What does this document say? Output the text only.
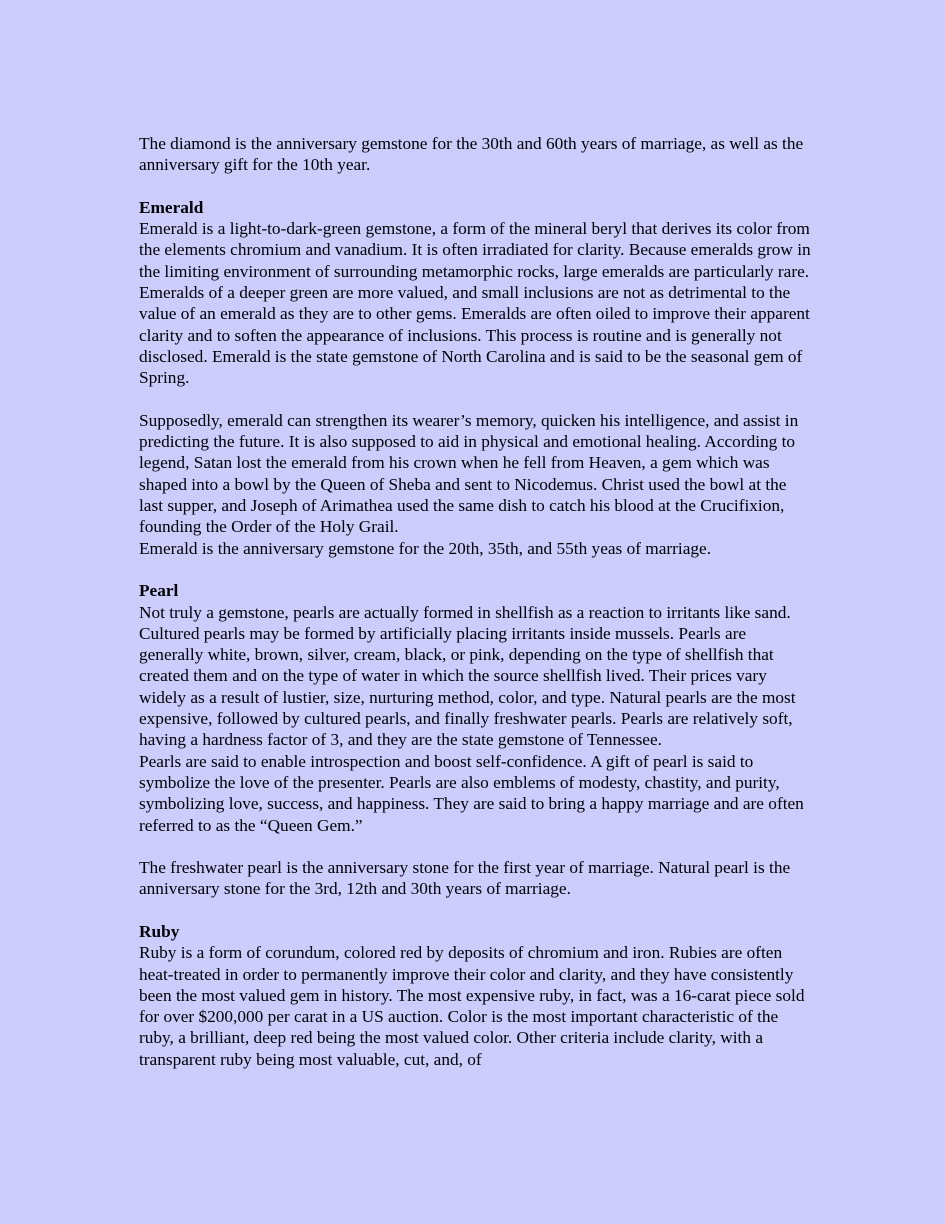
The diamond is the anniversary gemstone for the 30th and 60th years of marriage, as well as the anniversary gift for the 10th year.

Emerald

Emerald is a light-to-dark-green gemstone, a form of the mineral beryl that derives its color from the elements chromium and vanadium. It is often irradiated for clarity. Because emeralds grow in the limiting environment of surrounding metamorphic rocks, large emeralds are particularly rare. Emeralds of a deeper green are more valued, and small inclusions are not as detrimental to the value of an emerald as they are to other gems. Emeralds are often oiled to improve their apparent clarity and to soften the appearance of inclusions. This process is routine and is generally not disclosed. Emerald is the state gemstone of North Carolina and is said to be the seasonal gem of Spring.

Supposedly, emerald can strengthen its wearer’s memory, quicken his intelligence, and assist in predicting the future. It is also supposed to aid in physical and emotional healing. According to legend, Satan lost the emerald from his crown when he fell from Heaven, a gem which was shaped into a bowl by the Queen of Sheba and sent to Nicodemus. Christ used the bowl at the last supper, and Joseph of Arimathea used the same dish to catch his blood at the Crucifixion, founding the Order of the Holy Grail.

Emerald is the anniversary gemstone for the 20th, 35th, and 55th yeas of marriage.

Pearl

Not truly a gemstone, pearls are actually formed in shellfish as a reaction to irritants like sand. Cultured pearls may be formed by artificially placing irritants inside mussels. Pearls are generally white, brown, silver, cream, black, or pink, depending on the type of shellfish that created them and on the type of water in which the source shellfish lived. Their prices vary widely as a result of lustier, size, nurturing method, color, and type. Natural pearls are the most expensive, followed by cultured pearls, and finally freshwater pearls. Pearls are relatively soft, having a hardness factor of 3, and they are the state gemstone of Tennessee.

Pearls are said to enable introspection and boost self-confidence. A gift of pearl is said to symbolize the love of the presenter. Pearls are also emblems of modesty, chastity, and purity, symbolizing love, success, and happiness. They are said to bring a happy marriage and are often referred to as the “Queen Gem.”

The freshwater pearl is the anniversary stone for the first year of marriage. Natural pearl is the anniversary stone for the 3rd, 12th and 30th years of marriage.

Ruby

Ruby is a form of corundum, colored red by deposits of chromium and iron. Rubies are often heat-treated in order to permanently improve their color and clarity, and they have consistently been the most valued gem in history. The most expensive ruby, in fact, was a 16-carat piece sold for over $200,000 per carat in a US auction. Color is the most important characteristic of the ruby, a brilliant, deep red being the most valued color. Other criteria include clarity, with a transparent ruby being most valuable, cut, and, of
